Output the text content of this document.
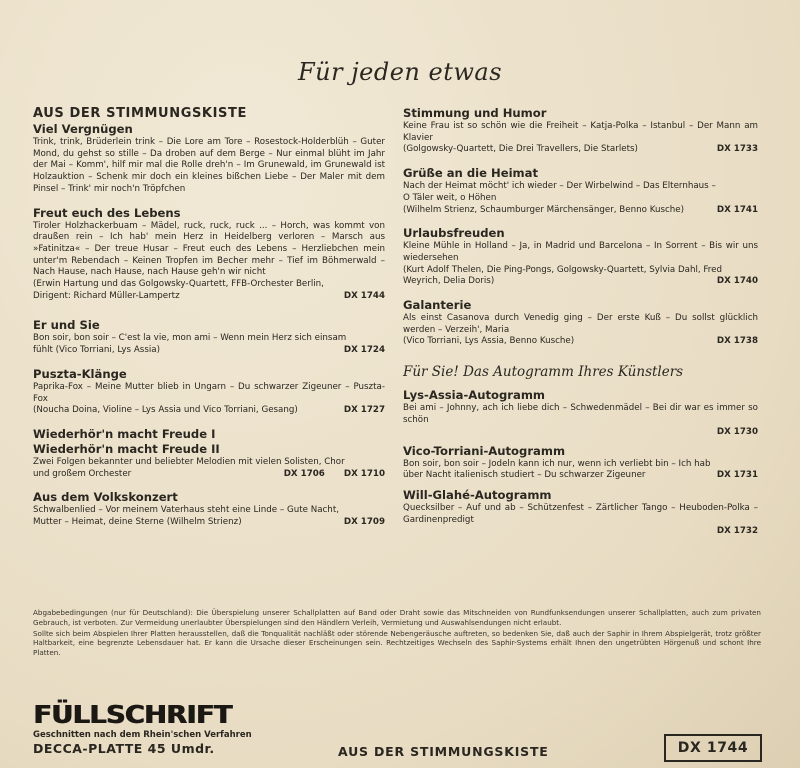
Für jeden etwas
AUS DER STIMMUNGSKISTE
Viel Vergnügen
Trink, trink, Brüderlein trink – Die Lore am Tore – Rosestock-Holderblüh – Guter Mond, du gehst so stille – Da droben auf dem Berge – Nur einmal blüht im Jahr der Mai – Komm', hilf mir mal die Rolle dreh'n – Im Grunewald, im Grunewald ist Holzauktion – Schenk mir doch ein kleines bißchen Liebe – Der Maler mit dem Pinsel – Trink' mir noch'n Tröpfchen
Freut euch des Lebens
Tiroler Holzhackerbuam – Mädel, ruck, ruck, ruck ... – Horch, was kommt von draußen rein – Ich hab' mein Herz in Heidelberg verloren – Marsch aus »Fatinitza« – Der treue Husar – Freut euch des Lebens – Herzliebchen mein unter'm Rebendach – Keinen Tropfen im Becher mehr – Tief im Böhmerwald – Nach Hause, nach Hause, nach Hause geh'n wir nicht
(Erwin Hartung und das Golgowsky-Quartett, FFB-Orchester Berlin,
Dirigent: Richard Müller-Lampertz	DX 1744
Er und Sie
Bon soir, bon soir – C'est la vie, mon ami – Wenn mein Herz sich einsam
fühlt (Vico Torriani, Lys Assia)	DX 1724
Puszta-Klänge
Paprika-Fox – Meine Mutter blieb in Ungarn – Du schwarzer Zigeuner – Puszta-Fox
(Noucha Doina, Violine – Lys Assia und Vico Torriani, Gesang)	DX 1727
Wiederhör'n macht Freude I
Wiederhör'n macht Freude II
Zwei Folgen bekannter und beliebter Melodien mit vielen Solisten, Chor
und großem Orchester	DX 1706 DX 1710
Aus dem Volkskonzert
Schwalbenlied – Vor meinem Vaterhaus steht eine Linde – Gute Nacht,
Mutter – Heimat, deine Sterne (Wilhelm Strienz)	DX 1709
Stimmung und Humor
Keine Frau ist so schön wie die Freiheit – Katja-Polka – Istanbul – Der Mann am Klavier
(Golgowsky-Quartett, Die Drei Travellers, Die Starlets)	DX 1733
Grüße an die Heimat
Nach der Heimat möcht' ich wieder – Der Wirbelwind – Das Elternhaus –
O Täler weit, o Höhen
(Wilhelm Strienz, Schaumburger Märchensänger, Benno Kusche)	DX 1741
Urlaubsfreuden
Kleine Mühle in Holland – Ja, in Madrid und Barcelona – In Sorrent – Bis wir uns wiedersehen
(Kurt Adolf Thelen, Die Ping-Pongs, Golgowsky-Quartett, Sylvia Dahl, Fred
Weyrich, Delia Doris)	DX 1740
Galanterie
Als einst Casanova durch Venedig ging – Der erste Kuß – Du sollst glücklich werden – Verzeih', Maria
(Vico Torriani, Lys Assia, Benno Kusche)	DX 1738
Für Sie! Das Autogramm Ihres Künstlers
Lys-Assia-Autogramm
Bei ami – Johnny, ach ich liebe dich – Schwedenmädel – Bei dir war es immer so schön
DX 1730
Vico-Torriani-Autogramm
Bon soir, bon soir – Jodeln kann ich nur, wenn ich verliebt bin – Ich hab
über Nacht italienisch studiert – Du schwarzer Zigeuner	DX 1731
Will-Glahé-Autogramm
Quecksilber – Auf und ab – Schützenfest – Zärtlicher Tango – Heuboden-Polka – Gardinenpredigt
DX 1732

Abgabebedingungen (nur für Deutschland): Die Überspielung unserer Schallplatten auf Band oder Draht sowie das Mitschneiden von Rundfunksendungen unserer Schallplatten, auch zum privaten Gebrauch, ist verboten. Zur Vermeidung unerlaubter Überspielungen sind den Händlern Verleih, Vermietung und Auswahlsendungen nicht erlaubt.

Sollte sich beim Abspielen Ihrer Platten herausstellen, daß die Tonqualität nachläßt oder störende Nebengeräusche auftreten, so bedenken Sie, daß auch der Saphir in Ihrem Abspielgerät, trotz größter Haltbarkeit, eine begrenzte Lebensdauer hat. Er kann die Ursache dieser Erscheinungen sein. Rechtzeitiges Wechseln des Saphir-Systems erhält Ihnen den ungetrübten Hörgenuß und schont Ihre Platten.

FÜLLSCHRIFT
Geschnitten nach dem Rhein'schen Verfahren
DECCA-PLATTE 45 Umdr.	AUS DER STIMMUNGSKISTE	DX 1744
